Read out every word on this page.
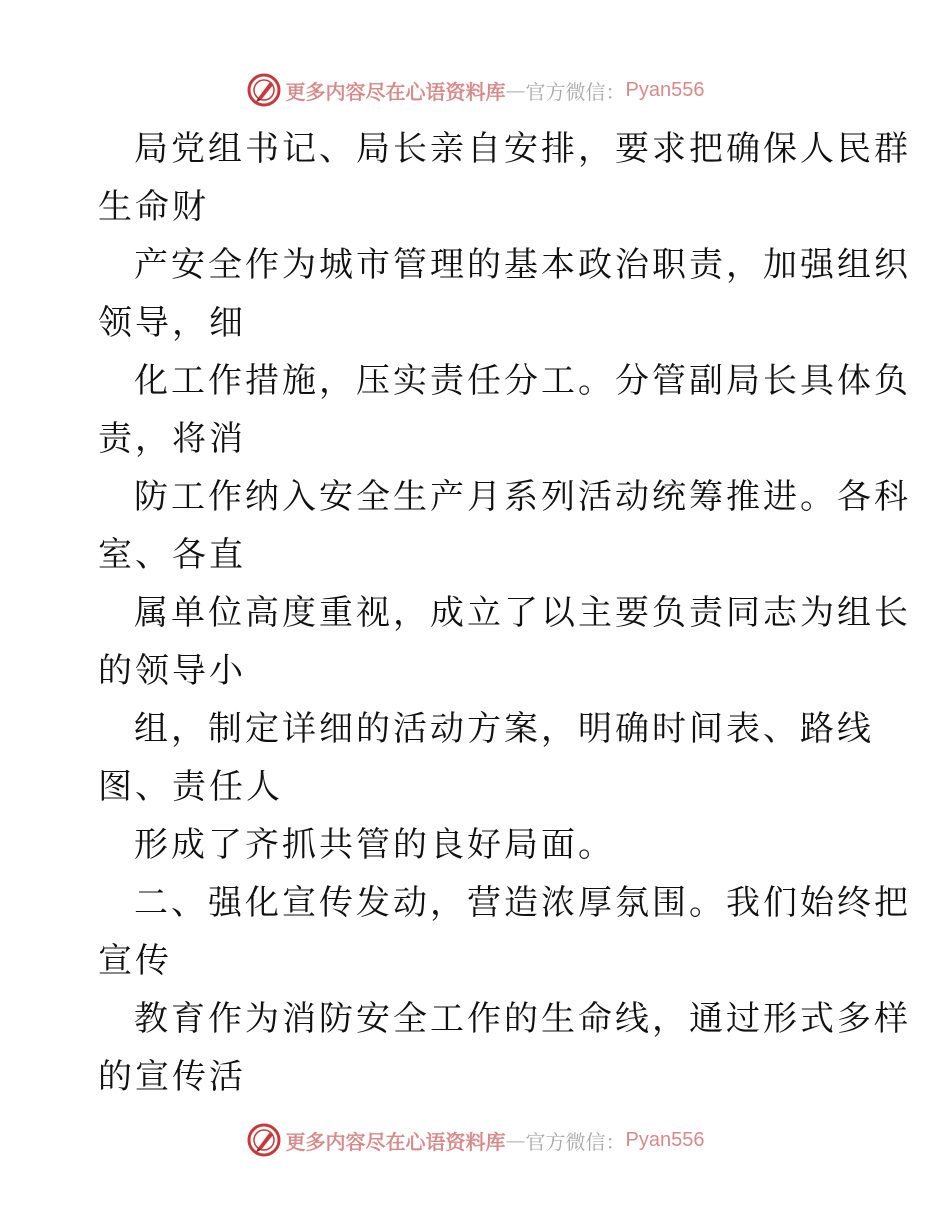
更多内容尽在心语资料库 — 官方微信： Pyan556
局党组书记、局长亲自安排，要求把确保人民群
生命财
产安全作为城市管理的基本政治职责，加强组织
领导，细
化工作措施，压实责任分工。分管副局长具体负
责，将消
防工作纳入安全生产月系列活动统筹推进。各科
室、各直
属单位高度重视，成立了以主要负责同志为组长
的领导小
组，制定详细的活动方案，明确时间表、路线
图、责任人
形成了齐抓共管的良好局面。
二、强化宣传发动，营造浓厚氛围。我们始终把
宣传
教育作为消防安全工作的生命线，通过形式多样
的宣传活
更多内容尽在心语资料库 — 官方微信： Pyan556
